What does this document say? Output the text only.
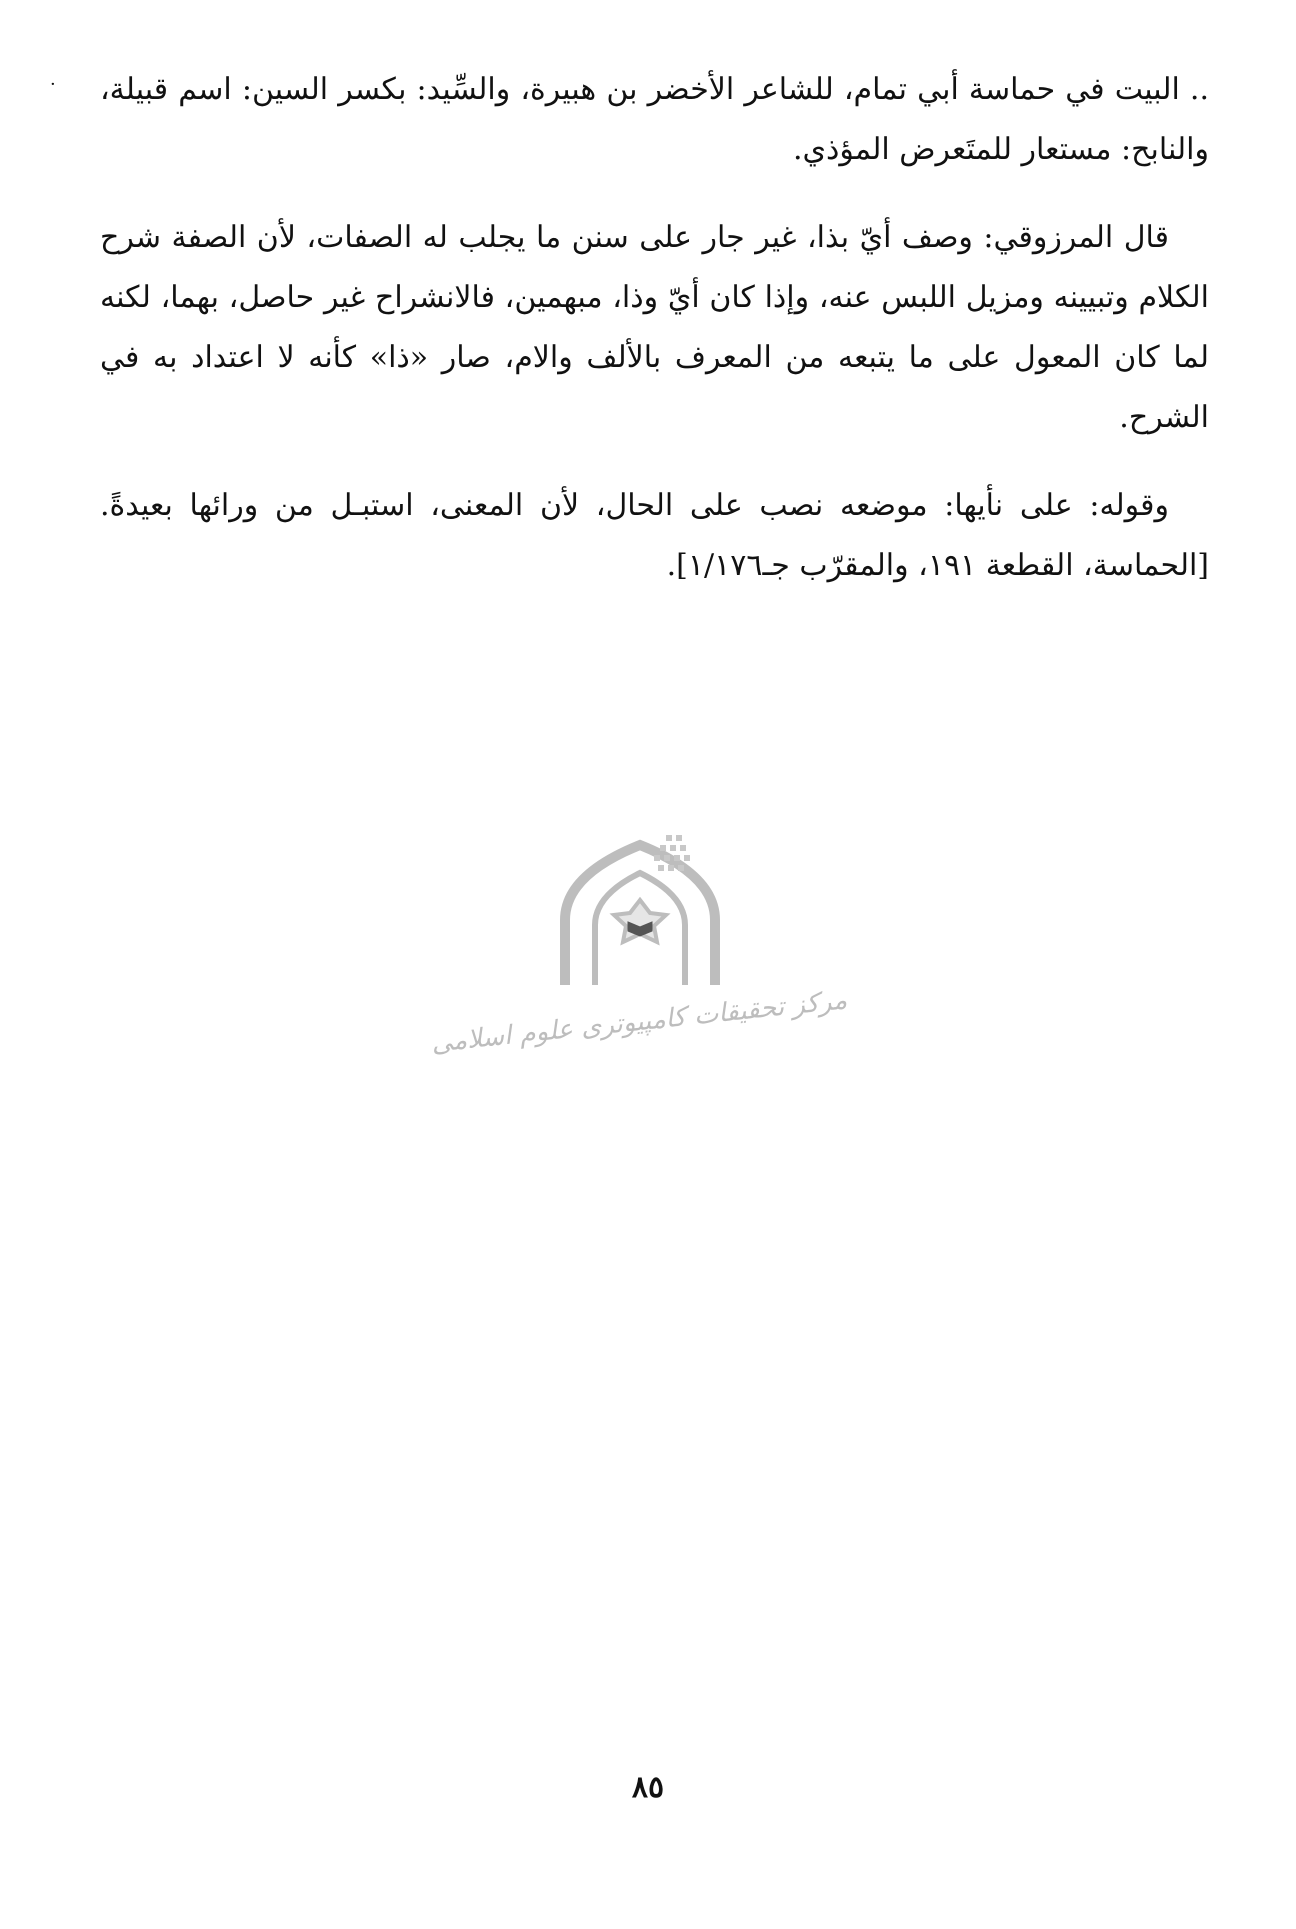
· .. البيت في حماسة أبي تمام، للشاعر الأخضر بن هبيرة، والسِّيد: بكسر السين: اسم قبيلة، والنابح: مستعار للمتَعرض المؤذي.

قال المرزوقي: وصف أيّ بذا، غير جار على سنن ما يجلب له الصفات، لأن الصفة شرح الكلام وتبيينه ومزيل اللبس عنه، وإذا كان أيّ وذا، مبهمين، فالانشراح غير حاصل، بهما، لكنه لما كان المعول على ما يتبعه من المعرف بالألف والام، صار «ذا» كأنه لا اعتداد به في الشرح.

وقوله: على نأيها: موضعه نصب على الحال، لأن المعنى، استبـل من ورائها بعيدةً. [الحماسة، القطعة ١٩١، والمقرّب جـ١/١٧٦].

مرکز تحقیقات کامپیوتری علوم اسلامی
٨٥
